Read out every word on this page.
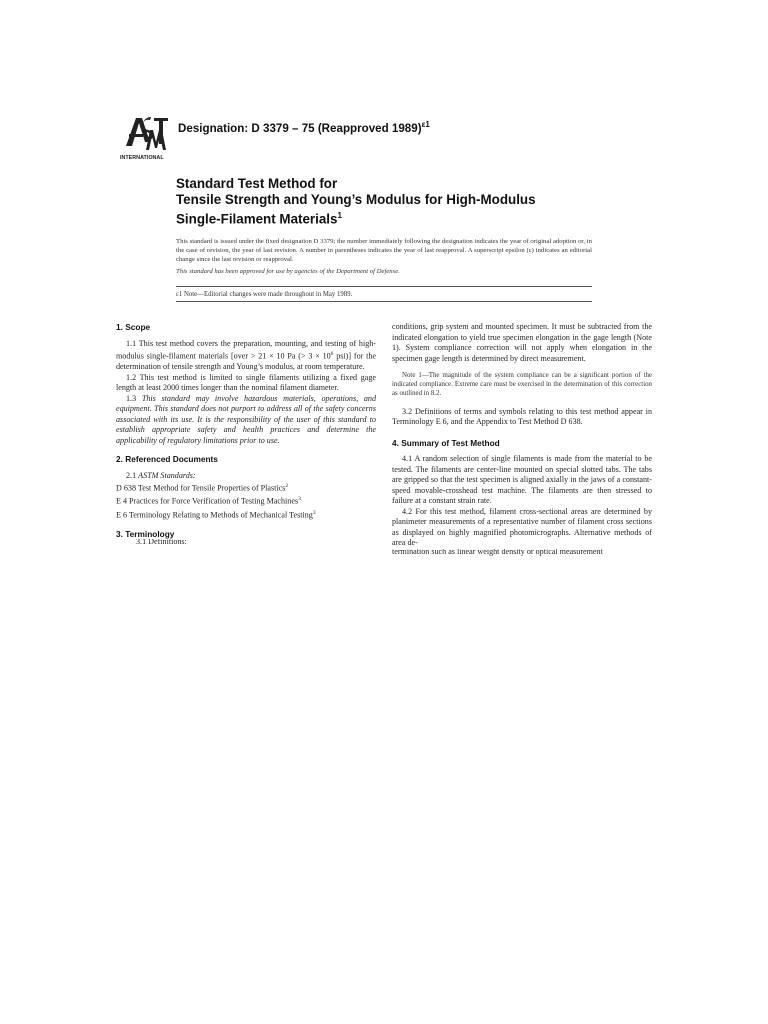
INTERNATIONAL
Designation: D 3379 – 75 (Reapproved 1989)$^{\varepsilon 1}$
Standard Test Method for
Tensile Strength and Young’s Modulus for High-Modulus
Single-Filament Materials$^1$

This standard is issued under the fixed designation D 3379; the number immediately following the designation indicates the year of original adoption or, in the case of revision, the year of last revision. A number in parentheses indicates the year of last reapproval. A superscript epsilon (ε) indicates an editorial change since the last revision or reapproval.

This standard has been approved for use by agencies of the Department of Defense.

ε1 Note—Editorial changes were made throughout in May 1989.

1. Scope

1.1 This test method covers the preparation, mounting, and testing of high-modulus single-filament materials [over > 21 × 10 Pa (> $3 \times 10^6$ psi)] for the determination of tensile strength and Young’s modulus, at room temperature.

1.2 This test method is limited to single filaments utilizing a fixed gage length at least 2000 times longer than the nominal filament diameter.

1.3 This standard may involve hazardous materials, operations, and equipment. This standard does not purport to address all of the safety concerns associated with its use. It is the responsibility of the user of this standard to establish appropriate safety and health practices and determine the applicability of regulatory limitations prior to use.

2. Referenced Documents

2.1 ASTM Standards:

D 638 Test Method for Tensile Properties of Plastics$^2$

E 4 Practices for Force Verification of Testing Machines$^3$

E 6 Terminology Relating to Methods of Mechanical Testing$^3$

3. Terminology

3.1 Definitions:

conditions, grip system and mounted specimen. It must be subtracted from the indicated elongation to yield true specimen elongation in the gage length (Note 1). System compliance correction will not apply when elongation in the specimen gage length is determined by direct measurement.

Note 1—The magnitude of the system compliance can be a significant portion of the indicated compliance. Extreme care must be exercised in the determination of this correction as outlined in 8.2.

3.2 Definitions of terms and symbols relating to this test method appear in Terminology E 6, and the Appendix to Test Method D 638.

4. Summary of Test Method

4.1 A random selection of single filaments is made from the material to be tested. The filaments are center-line mounted on special slotted tabs. The tabs are gripped so that the test specimen is aligned axially in the jaws of a constant-speed movable-crosshead test machine. The filaments are then stressed to failure at a constant strain rate.

4.2 For this test method, filament cross-sectional areas are determined by planimeter measurements of a representative number of filament cross sections as displayed on highly magnified photomicrographs. Alternative methods of area de-

termination such as linear weight density or optical measurement
